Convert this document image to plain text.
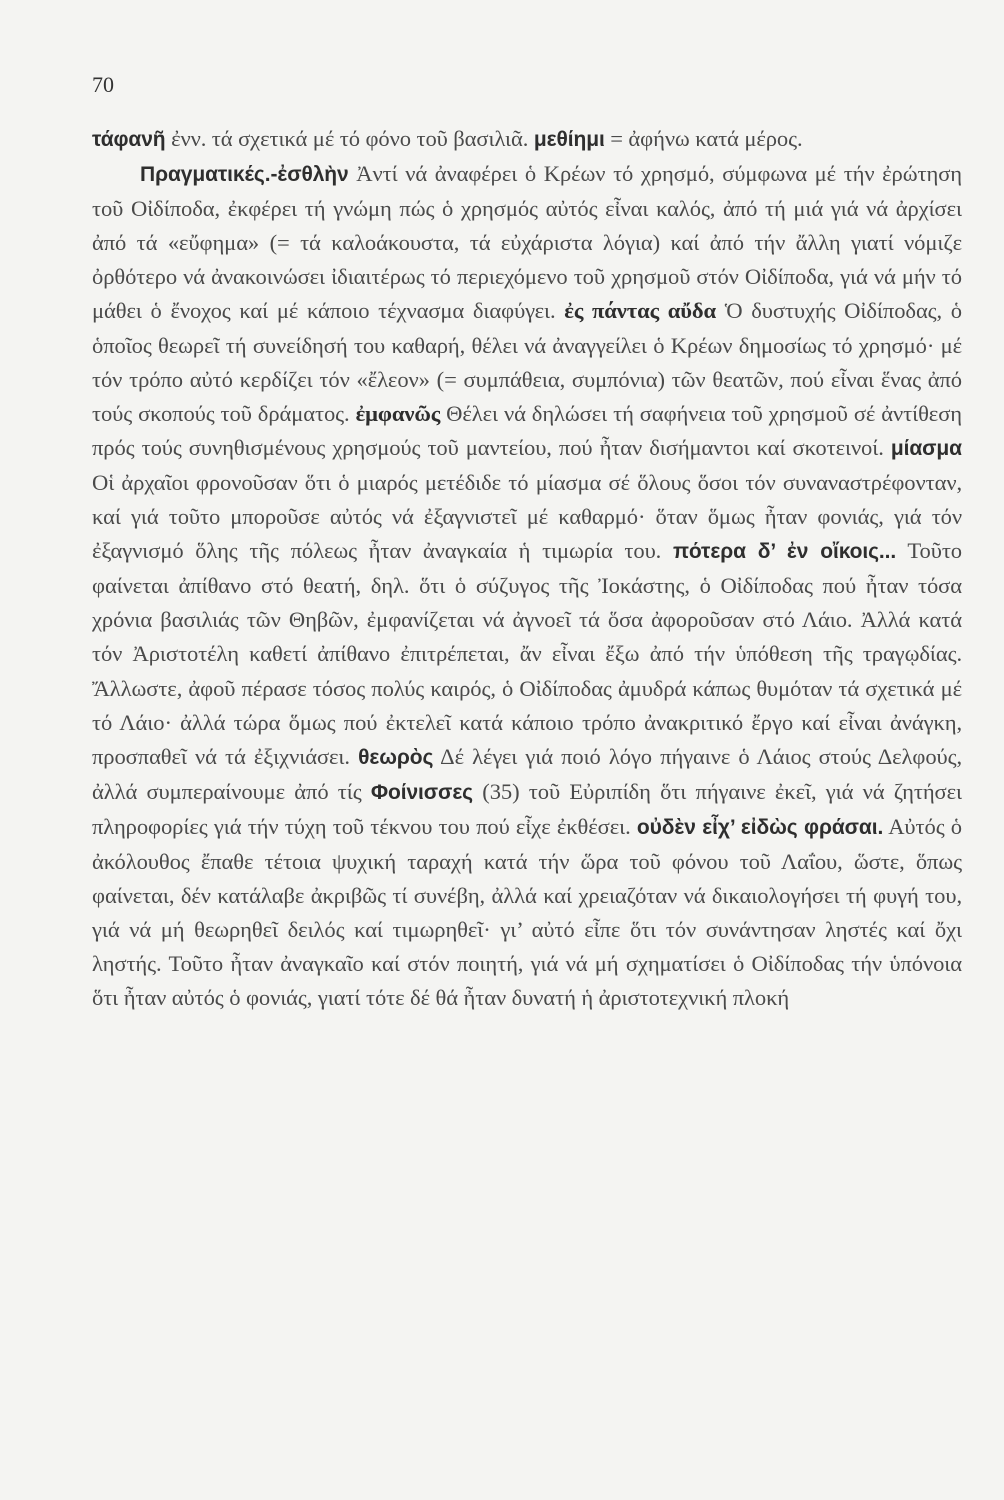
70

τάφανῆ ἐνν. τά σχετικά μέ τό φόνο τοῦ βασιλιᾶ. μεθίημι = ἀφήνω κατά μέρος.

Πραγματικές.-ἐσθλὴν Ἀντί νά ἀναφέρει ὁ Κρέων τό χρησμό, σύμφωνα μέ τήν ἐρώτηση τοῦ Οἰδίποδα, ἐκφέρει τή γνώμη πώς ὁ χρησμός αὐτός εἶναι καλός, ἀπό τή μιά γιά νά ἀρχίσει ἀπό τά «εὔφημα» (= τά καλοάκουστα, τά εὐχάριστα λόγια) καί ἀπό τήν ἄλλη γιατί νόμιζε ὀρθότερο νά ἀνακοινώσει ἰδιαιτέρως τό περιεχόμενο τοῦ χρησμοῦ στόν Οἰδίποδα, γιά νά μήν τό μάθει ὁ ἔνοχος καί μέ κάποιο τέχνασμα διαφύγει. ἐς πάντας αὔδα Ὁ δυστυχής Οἰδίποδας, ὁ ὁποῖος θεωρεῖ τή συνείδησή του καθαρή, θέλει νά ἀναγγείλει ὁ Κρέων δημοσίως τό χρησμό· μέ τόν τρόπο αὐτό κερδίζει τόν «ἔλεον» (= συμπάθεια, συμπόνια) τῶν θεατῶν, πού εἶναι ἕνας ἀπό τούς σκοπούς τοῦ δράματος. ἐμφανῶς Θέλει νά δηλώσει τή σαφήνεια τοῦ χρησμοῦ σέ ἀντίθεση πρός τούς συνηθισμένους χρησμούς τοῦ μαντείου, πού ἦταν δισήμαντοι καί σκοτεινοί. μίασμα Οἱ ἀρχαῖοι φρονοῦσαν ὅτι ὁ μιαρός μετέδιδε τό μίασμα σέ ὅλους ὅσοι τόν συναναστρέφονταν, καί γιά τοῦτο μποροῦσε αὐτός νά ἐξαγνιστεῖ μέ καθαρμό· ὅταν ὅμως ἦταν φονιάς, γιά τόν ἐξαγνισμό ὅλης τῆς πόλεως ἦταν ἀναγκαία ἡ τιμωρία του. πότερα δ’ ἐν οἴκοις... Τοῦτο φαίνεται ἀπίθανο στό θεατή, δηλ. ὅτι ὁ σύζυγος τῆς Ἰοκάστης, ὁ Οἰδίποδας πού ἦταν τόσα χρόνια βασιλιάς τῶν Θηβῶν, ἐμφανίζεται νά ἀγνοεῖ τά ὅσα ἀφοροῦσαν στό Λάιο. Ἀλλά κατά τόν Ἀριστοτέλη καθετί ἀπίθανο ἐπιτρέπεται, ἄν εἶναι ἔξω ἀπό τήν ὑπόθεση τῆς τραγῳδίας. Ἄλλωστε, ἀφοῦ πέρασε τόσος πολύς καιρός, ὁ Οἰδίποδας ἀμυδρά κάπως θυμόταν τά σχετικά μέ τό Λάιο· ἀλλά τώρα ὅμως πού ἐκτελεῖ κατά κάποιο τρόπο ἀνακριτικό ἔργο καί εἶναι ἀνάγκη, προσπαθεῖ νά τά ἐξιχνιάσει. θεωρὸς Δέ λέγει γιά ποιό λόγο πήγαινε ὁ Λάιος στούς Δελφούς, ἀλλά συμπεραίνουμε ἀπό τίς Φοίνισσες (35) τοῦ Εὐριπίδη ὅτι πήγαινε ἐκεῖ, γιά νά ζητήσει πληροφορίες γιά τήν τύχη τοῦ τέκνου του πού εἶχε ἐκθέσει. οὐδὲν εἶχ’ εἰδὼς φράσαι. Αὐτός ὁ ἀκόλουθος ἔπαθε τέτοια ψυχική ταραχή κατά τήν ὥρα τοῦ φόνου τοῦ Λαΐου, ὥστε, ὅπως φαίνεται, δέν κατάλαβε ἀκριβῶς τί συνέβη, ἀλλά καί χρειαζόταν νά δικαιολογήσει τή φυγή του, γιά νά μή θεωρηθεῖ δειλός καί τιμωρηθεῖ· γι’ αὐτό εἶπε ὅτι τόν συνάντησαν ληστές καί ὄχι ληστής. Τοῦτο ἦταν ἀναγκαῖο καί στόν ποιητή, γιά νά μή σχηματίσει ὁ Οἰδίποδας τήν ὑπόνοια ὅτι ἦταν αὐτός ὁ φονιάς, γιατί τότε δέ θά ἦταν δυνατή ἡ ἀριστοτεχνική πλοκή
